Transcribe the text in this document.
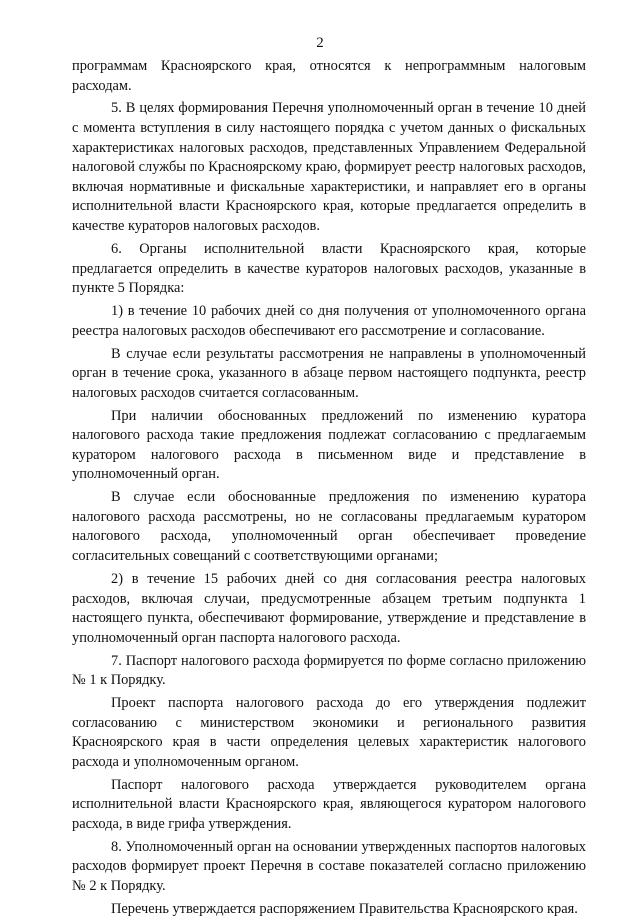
2

программам Красноярского края, относятся к непрограммным налоговым расходам.

5. В целях формирования Перечня уполномоченный орган в течение 10 дней с момента вступления в силу настоящего порядка с учетом данных о фискальных характеристиках налоговых расходов, представленных Управлением Федеральной налоговой службы по Красноярскому краю, формирует реестр налоговых расходов, включая нормативные и фискальные характеристики, и направляет его в органы исполнительной власти Красноярского края, которые предлагается определить в качестве кураторов налоговых расходов.

6. Органы исполнительной власти Красноярского края, которые предлагается определить в качестве кураторов налоговых расходов, указанные в пункте 5 Порядка:

1) в течение 10 рабочих дней со дня получения от уполномоченного органа реестра налоговых расходов обеспечивают его рассмотрение и согласование.

В случае если результаты рассмотрения не направлены в уполномоченный орган в течение срока, указанного в абзаце первом настоящего подпункта, реестр налоговых расходов считается согласованным.

При наличии обоснованных предложений по изменению куратора налогового расхода такие предложения подлежат согласованию с предлагаемым куратором налогового расхода в письменном виде и представление в уполномоченный орган.

В случае если обоснованные предложения по изменению куратора налогового расхода рассмотрены, но не согласованы предлагаемым куратором налогового расхода, уполномоченный орган обеспечивает проведение согласительных совещаний с соответствующими органами;

2) в течение 15 рабочих дней со дня согласования реестра налоговых расходов, включая случаи, предусмотренные абзацем третьим подпункта 1 настоящего пункта, обеспечивают формирование, утверждение и представление в уполномоченный орган паспорта налогового расхода.

7. Паспорт налогового расхода формируется по форме согласно приложению № 1 к Порядку.

Проект паспорта налогового расхода до его утверждения подлежит согласованию с министерством экономики и регионального развития Красноярского края в части определения целевых характеристик налогового расхода и уполномоченным органом.

Паспорт налогового расхода утверждается руководителем органа исполнительной власти Красноярского края, являющегося куратором налогового расхода, в виде грифа утверждения.

8. Уполномоченный орган на основании утвержденных паспортов налоговых расходов формирует проект Перечня в составе показателей согласно приложению № 2 к Порядку.

Перечень утверждается распоряжением Правительства Красноярского края.
